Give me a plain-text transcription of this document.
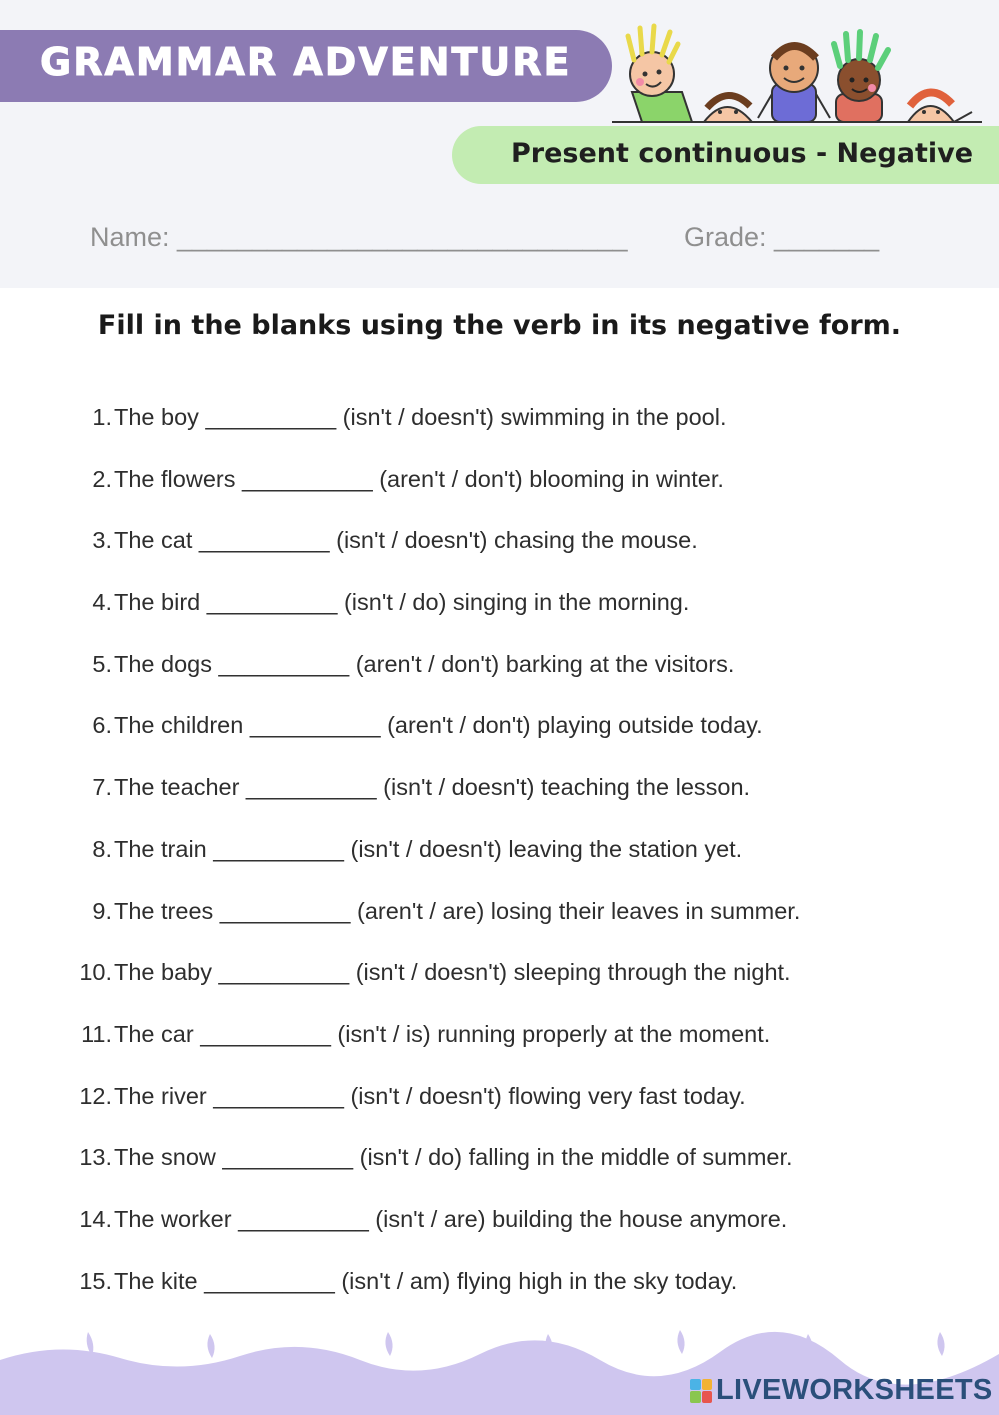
GRAMMAR ADVENTURE
Present continuous - Negative
Name: ______________________________ Grade: _______
Fill in the blanks using the verb in its negative form.
1. The boy __________ (isn't / doesn't) swimming in the pool.
2. The flowers __________ (aren't / don't) blooming in winter.
3. The cat __________ (isn't / doesn't) chasing the mouse.
4. The bird __________ (isn't / do) singing in the morning.
5. The dogs __________ (aren't / don't) barking at the visitors.
6. The children __________ (aren't / don't) playing outside today.
7. The teacher __________ (isn't / doesn't) teaching the lesson.
8. The train __________ (isn't / doesn't) leaving the station yet.
9. The trees __________ (aren't / are) losing their leaves in summer.
10. The baby __________ (isn't / doesn't) sleeping through the night.
11. The car __________ (isn't / is) running properly at the moment.
12. The river __________ (isn't / doesn't) flowing very fast today.
13. The snow __________ (isn't / do) falling in the middle of summer.
14. The worker __________ (isn't / are) building the house anymore.
15. The kite __________ (isn't / am) flying high in the sky today.
LIVEWORKSHEETS
